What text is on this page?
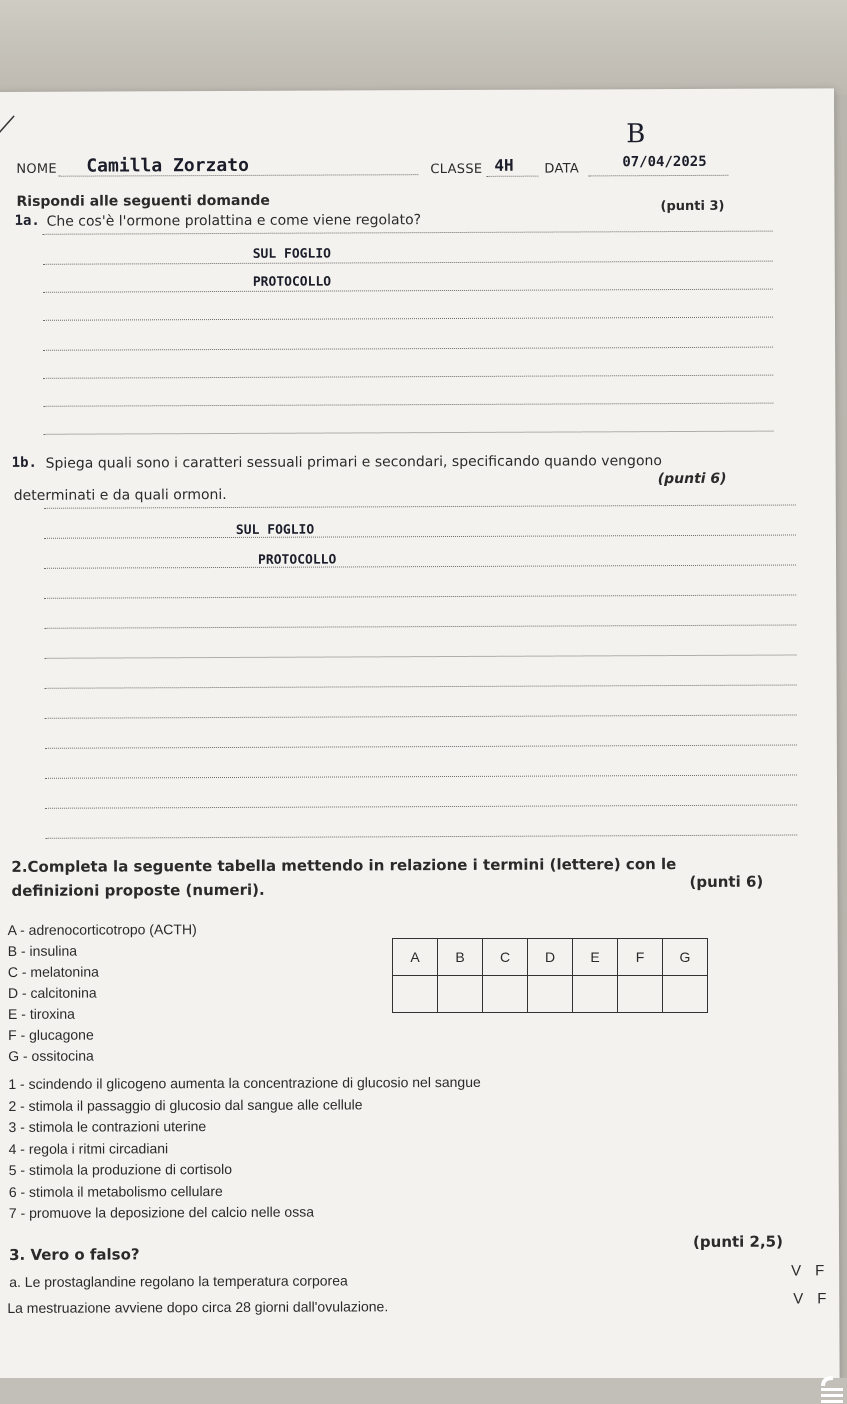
NOME Camilla Zorzato	CLASSE 4H DATA	07/04/2025
B
Rispondi alle seguenti domande
1a. Che cos'è l'ormone prolattina e come viene regolato?
(punti 3)
SUL FOGLIO
PROTOCOLLO
1b. Spiega quali sono i caratteri sessuali primari e secondari, specificando quando vengono
determinati e da quali ormoni.
(punti 6)
SUL FOGLIO
PROTOCOLLO
2.Completa la seguente tabella mettendo in relazione i termini (lettere) con le
definizioni proposte (numeri).	(punti 6)
A - adrenocorticotropo (ACTH)
B - insulina
C - melatonina
D - calcitonina
E - tiroxina
F - glucagone
G - ossitocina
1 - scindendo il glicogeno aumenta la concentrazione di glucosio nel sangue
2 - stimola il passaggio di glucosio dal sangue alle cellule
3 - stimola le contrazioni uterine
4 - regola i ritmi circadiani
5 - stimola la produzione di cortisolo
6 - stimola il metabolismo cellulare
7 - promuove la deposizione del calcio nelle ossa
3. Vero o falso?
(punti 2,5)
a. Le prostaglandine regolano la temperatura corporea
V F
La mestruazione avviene dopo circa 28 giorni dall'ovulazione.	V F
A	B	C	D	E	F	G
